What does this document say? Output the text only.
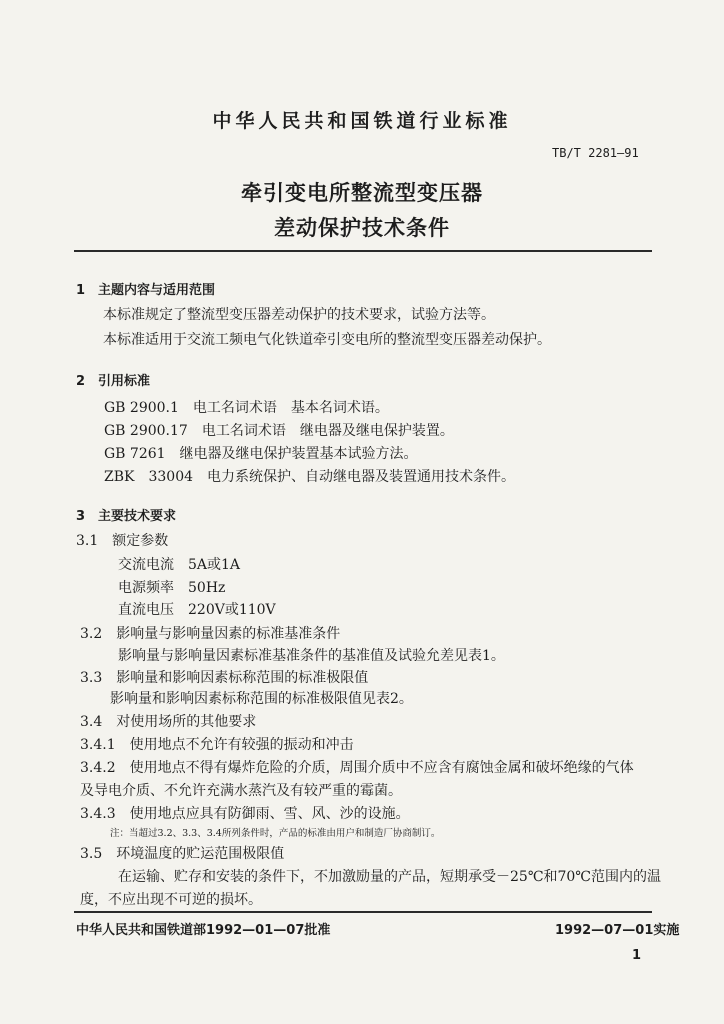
中华人民共和国铁道行业标准
TB/T 2281—91
牵引变电所整流型变压器
差动保护技术条件
1　主题内容与适用范围
本标准规定了整流型变压器差动保护的技术要求，试验方法等。
本标准适用于交流工频电气化铁道牵引变电所的整流型变压器差动保护。
2　引用标准
GB 2900.1　电工名词术语　基本名词术语。
GB 2900.17　电工名词术语　继电器及继电保护装置。
GB 7261　继电器及继电保护装置基本试验方法。
ZBK　33004　电力系统保护、自动继电器及装置通用技术条件。
3　主要技术要求
3.1　额定参数
交流电流　5A或1A
电源频率　50Hz
直流电压　220V或110V
3.2　影响量与影响量因素的标准基准条件
影响量与影响量因素标准基准条件的基准值及试验允差见表1。
3.3　影响量和影响因素标称范围的标准极限值
影响量和影响因素标称范围的标准极限值见表2。
3.4　对使用场所的其他要求
3.4.1　使用地点不允许有较强的振动和冲击
3.4.2　使用地点不得有爆炸危险的介质，周围介质中不应含有腐蚀金属和破坏绝缘的气体
及导电介质、不允许充满水蒸汽及有较严重的霉菌。
3.4.3　使用地点应具有防御雨、雪、风、沙的设施。
注：当超过3.2、3.3、3.4所列条件时，产品的标准由用户和制造厂协商制订。
3.5　环境温度的贮运范围极限值
在运输、贮存和安装的条件下，不加激励量的产品，短期承受－25℃和70℃范围内的温
度，不应出现不可逆的损坏。
中华人民共和国铁道部1992—01—07批准	1992—07—01实施
1
